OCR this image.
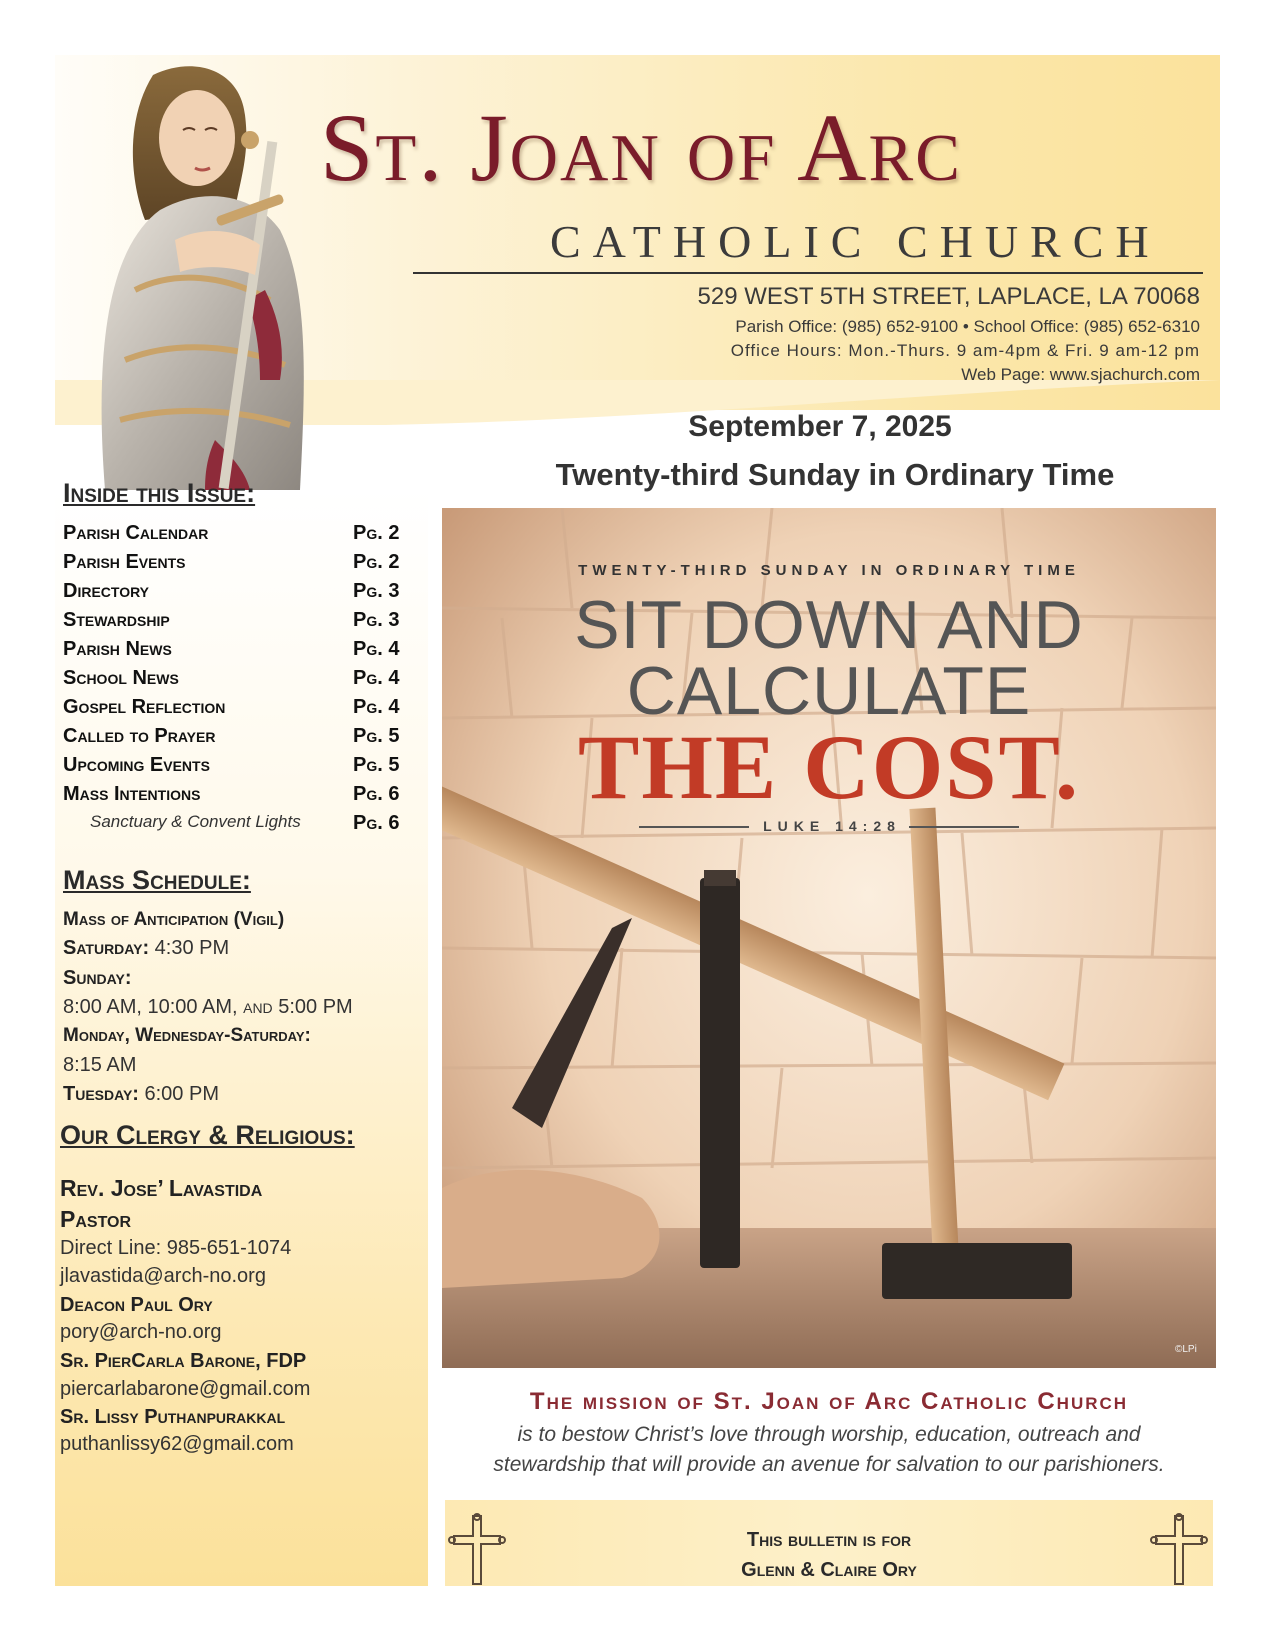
St. Joan of Arc
CATHOLIC CHURCH
529 WEST 5TH STREET, LAPLACE, LA 70068
Parish Office: (985) 652-9100 • School Office: (985) 652-6310
Office Hours: Mon.-Thurs. 9 am-4pm & Fri. 9 am-12 pm
Web Page: www.sjachurch.com
September 7, 2025
Twenty-third Sunday in Ordinary Time
Inside this Issue:
Parish Calendar	Pg. 2
Parish Events	Pg. 2
Directory	Pg. 3
Stewardship	Pg. 3
Parish News	Pg. 4
School News	Pg. 4
Gospel Reflection	Pg. 4
Called to Prayer	Pg. 5
Upcoming Events	Pg. 5
Mass Intentions	Pg. 6
Sanctuary & Convent Lights	Pg. 6
Mass Schedule:
Mass of Anticipation (Vigil)
Saturday: 4:30 PM
Sunday:
8:00 AM, 10:00 AM, and 5:00 PM
Monday, Wednesday-Saturday:
8:15 AM
Tuesday: 6:00 PM
Our Clergy & Religious:
Rev. Jose’ Lavastida
Pastor
Direct Line: 985-651-1074
jlavastida@arch-no.org
Deacon Paul Ory
pory@arch-no.org
Sr. PierCarla Barone, FDP
piercarlabarone@gmail.com
Sr. Lissy Puthanpurakkal
puthanlissy62@gmail.com
TWENTY-THIRD SUNDAY IN ORDINARY TIME
SIT DOWN AND
CALCULATE
THE COST.
LUKE 14:28
©LPi
The mission of St. Joan of Arc Catholic Church
is to bestow Christ’s love through worship, education, outreach and
stewardship that will provide an avenue for salvation to our parishioners.
This bulletin is for
Glenn & Claire Ory
